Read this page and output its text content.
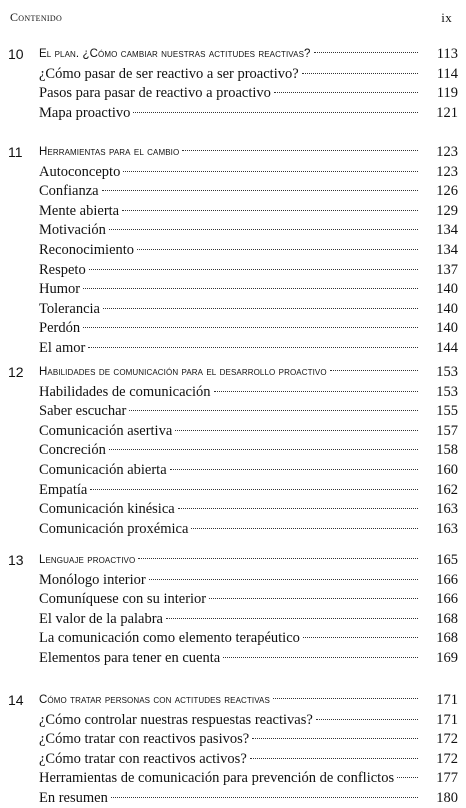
Contenido	ix
10 El plan. ¿Cómo cambiar nuestras actitudes reactivas?	113
¿Cómo pasar de ser reactivo a ser proactivo?	114
Pasos para pasar de reactivo a proactivo	119
Mapa proactivo	121
11 Herramientas para el cambio	123
Autoconcepto	123
Confianza	126
Mente abierta	129
Motivación	134
Reconocimiento	134
Respeto	137
Humor	140
Tolerancia	140
Perdón	140
El amor	144
12 Habilidades de comunicación para el desarrollo proactivo	153
Habilidades de comunicación	153
Saber escuchar	155
Comunicación asertiva	157
Concreción	158
Comunicación abierta	160
Empatía	162
Comunicación kinésica	163
Comunicación proxémica	163
13 Lenguaje proactivo	165
Monólogo interior	166
Comuníquese con su interior	166
El valor de la palabra	168
La comunicación como elemento terapéutico	168
Elementos para tener en cuenta	169
14 Cómo tratar personas con actitudes reactivas	171
¿Cómo controlar nuestras respuestas reactivas?	171
¿Cómo tratar con reactivos pasivos?	172
¿Cómo tratar con reactivos activos?	172
Herramientas de comunicación para prevención de conflictos	177
En resumen	180
